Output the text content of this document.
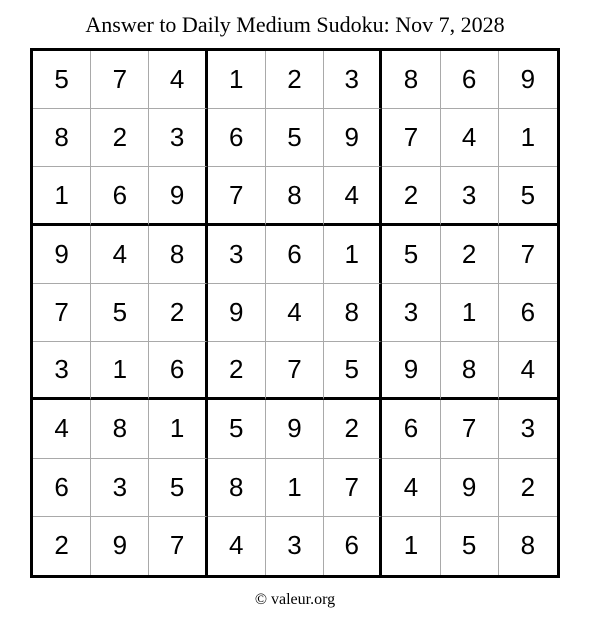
Answer to Daily Medium Sudoku: Nov 7, 2028
5	7	4	1	2	3	8	6	9
8	2	3	6	5	9	7	4	1
1	6	9	7	8	4	2	3	5
9	4	8	3	6	1	5	2	7
7	5	2	9	4	8	3	1	6
3	1	6	2	7	5	9	8	4
4	8	1	5	9	2	6	7	3
6	3	5	8	1	7	4	9	2
2	9	7	4	3	6	1	5	8
© valeur.org
